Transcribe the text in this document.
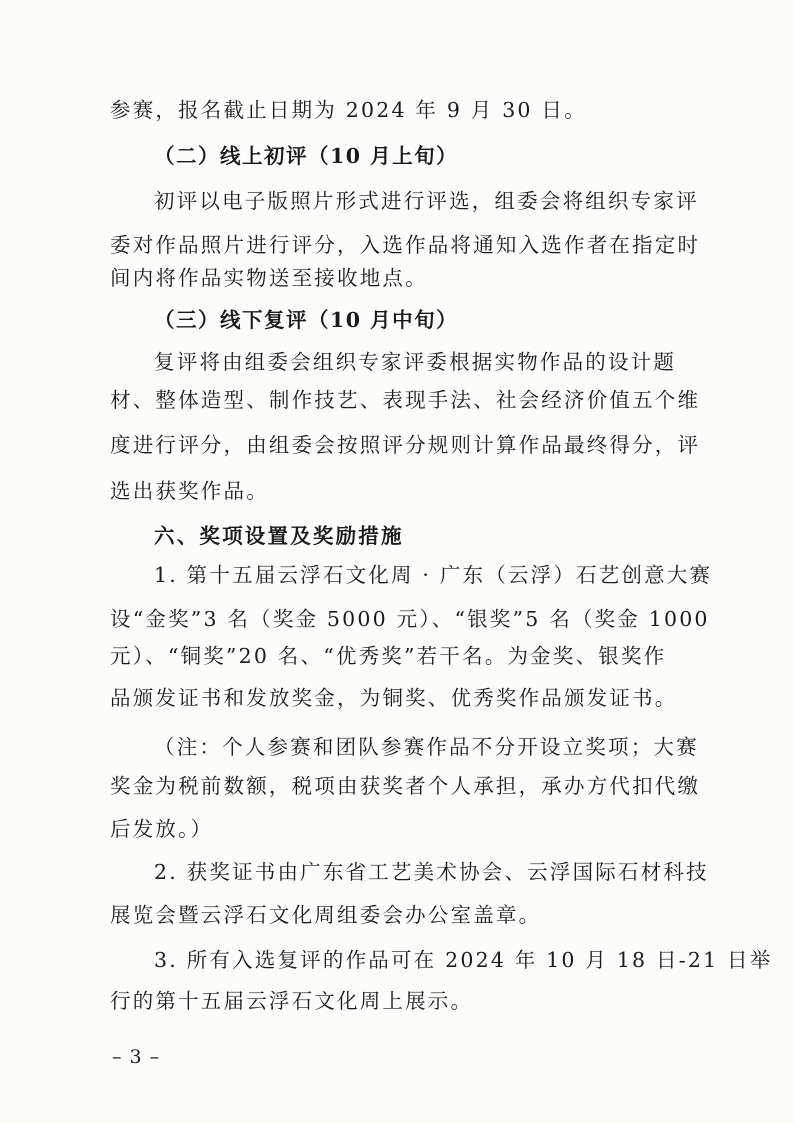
参赛，报名截止日期为 2024 年 9 月 30 日。
（二）线上初评（10 月上旬）
初评以电子版照片形式进行评选，组委会将组织专家评
委对作品照片进行评分，入选作品将通知入选作者在指定时
间内将作品实物送至接收地点。
（三）线下复评（10 月中旬）
复评将由组委会组织专家评委根据实物作品的设计题
材、整体造型、制作技艺、表现手法、社会经济价值五个维
度进行评分，由组委会按照评分规则计算作品最终得分，评
选出获奖作品。
六、奖项设置及奖励措施
1. 第十五届云浮石文化周 · 广东（云浮）石艺创意大赛
设“金奖”3 名（奖金 5000 元）、“银奖”5 名（奖金 1000
元）、“铜奖”20 名、“优秀奖”若干名。为金奖、银奖作
品颁发证书和发放奖金，为铜奖、优秀奖作品颁发证书。
（注：个人参赛和团队参赛作品不分开设立奖项；大赛
奖金为税前数额，税项由获奖者个人承担，承办方代扣代缴
后发放。）
2. 获奖证书由广东省工艺美术协会、云浮国际石材科技
展览会暨云浮石文化周组委会办公室盖章。
3. 所有入选复评的作品可在 2024 年 10 月 18 日-21 日举
行的第十五届云浮石文化周上展示。
– 3 –
